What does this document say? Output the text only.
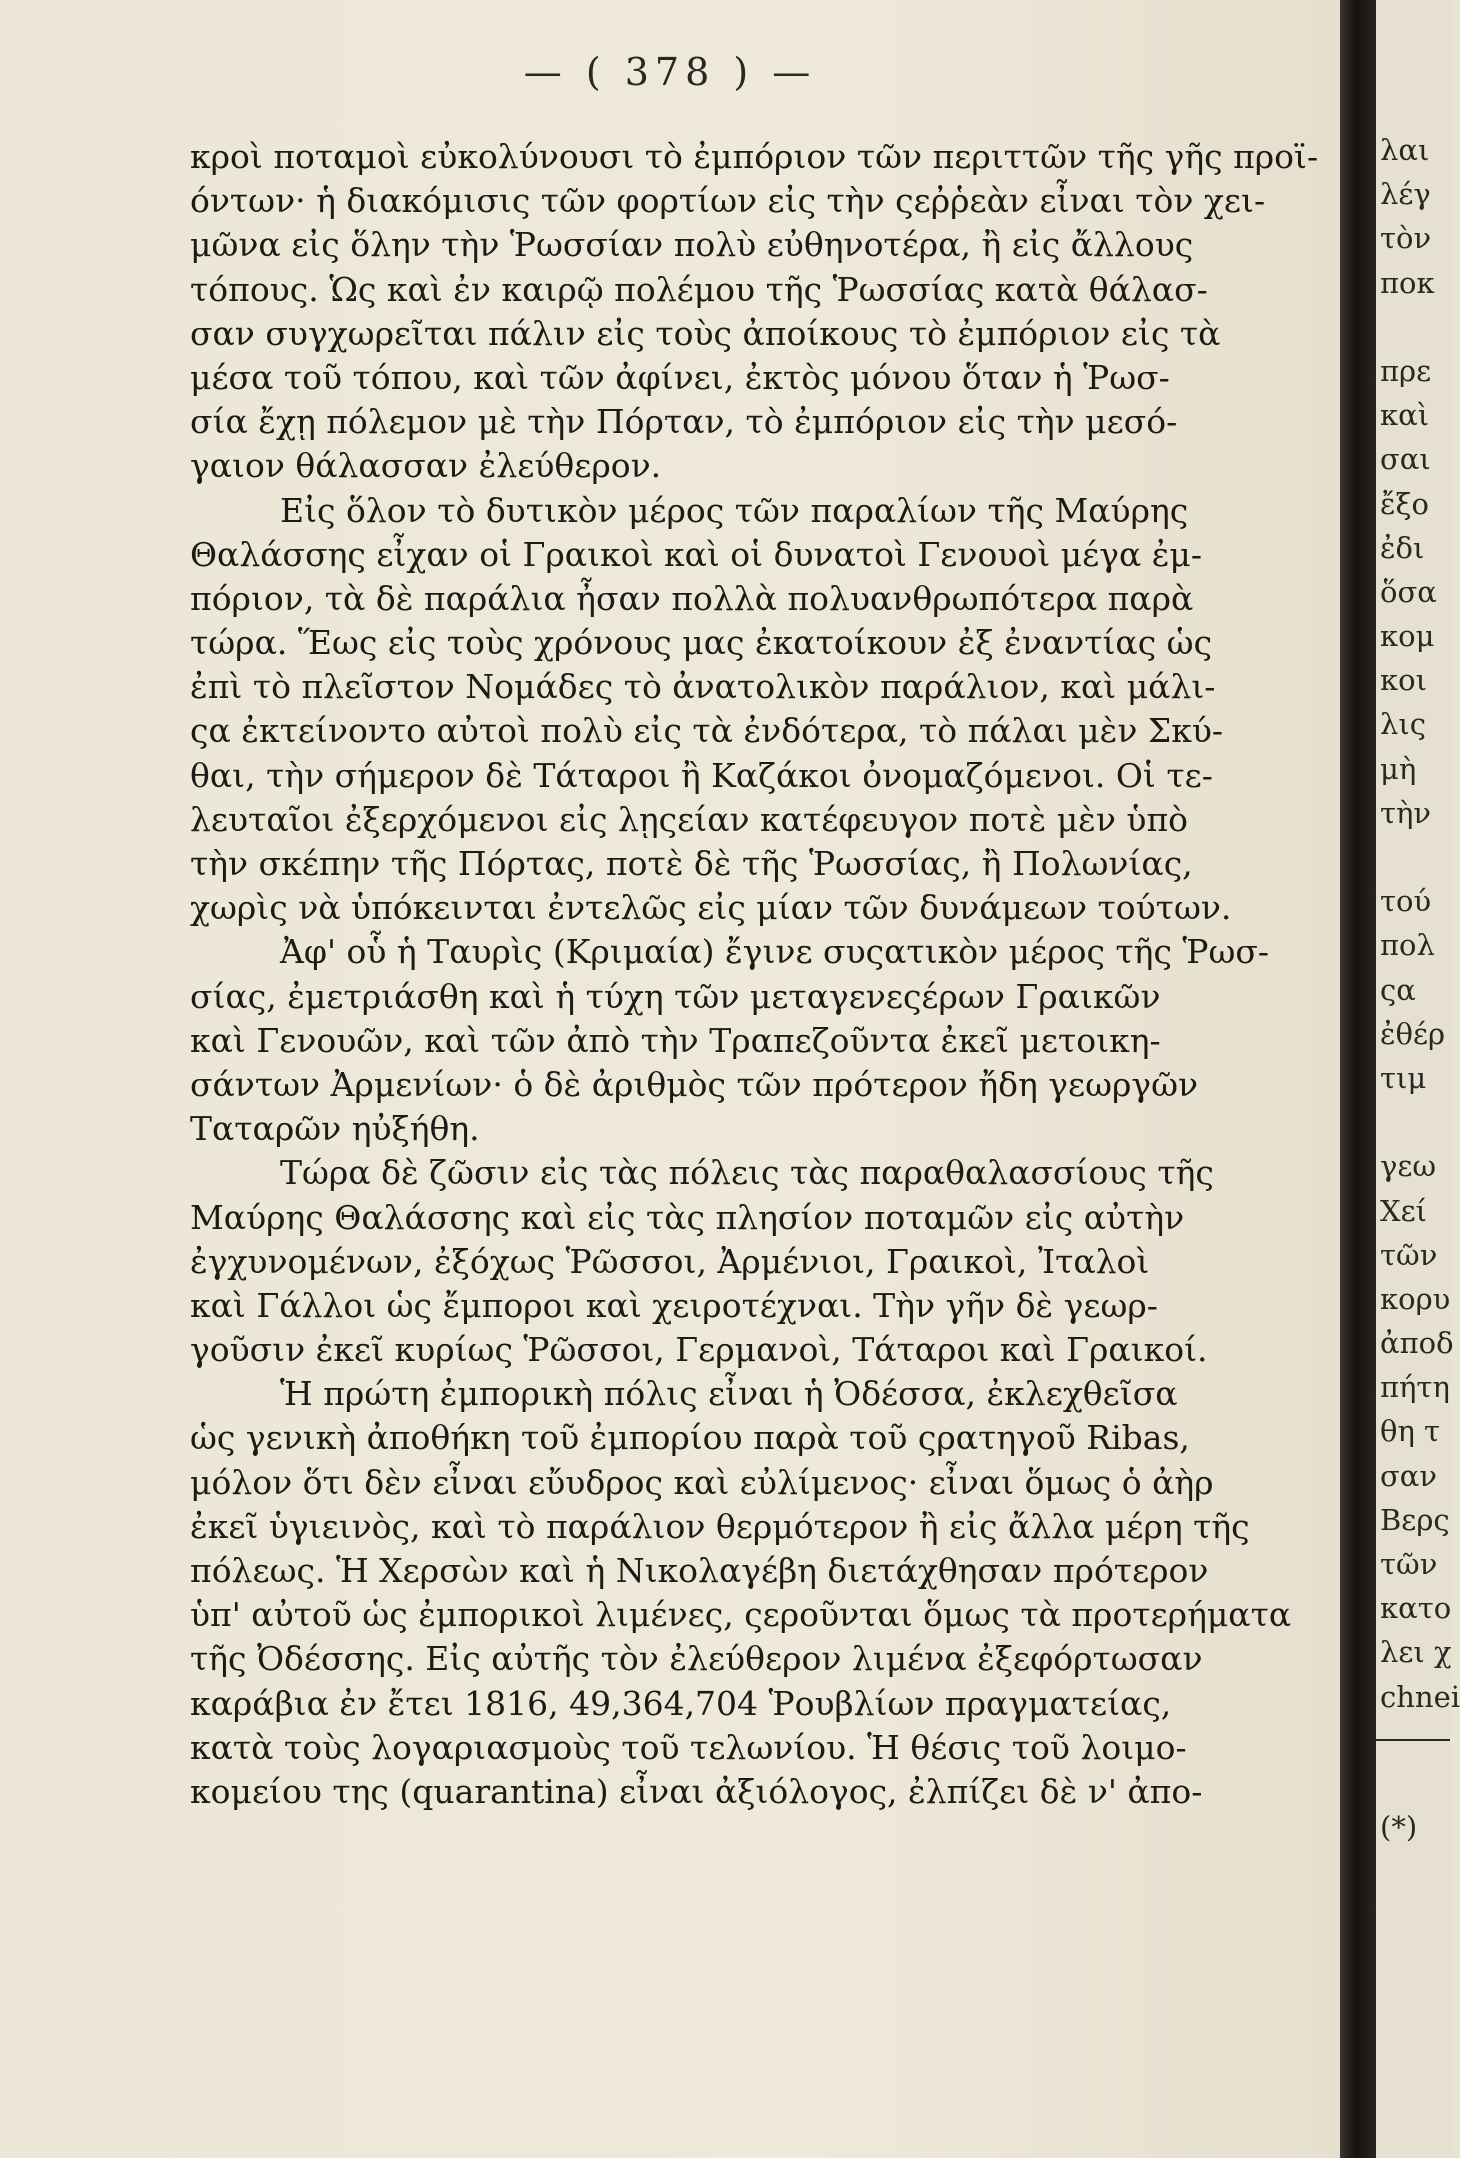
— ( 378 ) —
κροὶ ποταμοὶ εὐκολύνουσι τὸ ἐμπόριον τῶν περιττῶν τῆς γῆς προϊ-
όντων· ἡ διακόμισις τῶν φορτίων εἰς τὴν ςεῤῥεὰν εἶναι τὸν χει-
μῶνα εἰς ὅλην τὴν Ῥωσσίαν πολὺ εὐθηνοτέρα, ἢ εἰς ἄλλους
τόπους. Ὡς καὶ ἐν καιρῷ πολέμου τῆς Ῥωσσίας κατὰ θάλασ-
σαν συγχωρεῖται πάλιν εἰς τοὺς ἀποίκους τὸ ἐμπόριον εἰς τὰ
μέσα τοῦ τόπου, καὶ τῶν ἀφίνει, ἐκτὸς μόνου ὅταν ἡ Ῥωσ-
σία ἔχῃ πόλεμον μὲ τὴν Πόρταν, τὸ ἐμπόριον εἰς τὴν μεσό-
γαιον θάλασσαν ἐλεύθερον.
Εἰς ὅλον τὸ δυτικὸν μέρος τῶν παραλίων τῆς Μαύρης
Θαλάσσης εἶχαν οἱ Γραικοὶ καὶ οἱ δυνατοὶ Γενουοὶ μέγα ἐμ-
πόριον, τὰ δὲ παράλια ἦσαν πολλὰ πολυανθρωπότερα παρὰ
τώρα. Ἕως εἰς τοὺς χρόνους μας ἐκατοίκουν ἐξ ἐναντίας ὡς
ἐπὶ τὸ πλεῖστον Νομάδες τὸ ἀνατολικὸν παράλιον, καὶ μάλι-
ςα ἐκτείνοντο αὐτοὶ πολὺ εἰς τὰ ἐνδότερα, τὸ πάλαι μὲν Σκύ-
θαι, τὴν σήμερον δὲ Τάταροι ἢ Καζάκοι ὀνομαζόμενοι. Οἱ τε-
λευταῖοι ἐξερχόμενοι εἰς λῃςείαν κατέφευγον ποτὲ μὲν ὑπὸ
τὴν σκέπην τῆς Πόρτας, ποτὲ δὲ τῆς Ῥωσσίας, ἢ Πολωνίας,
χωρὶς νὰ ὑπόκεινται ἐντελῶς εἰς μίαν τῶν δυνάμεων τούτων.
Ἀφ' οὗ ἡ Ταυρὶς (Κριμαία) ἔγινε συςατικὸν μέρος τῆς Ῥωσ-
σίας, ἐμετριάσθη καὶ ἡ τύχη τῶν μεταγενεςέρων Γραικῶν
καὶ Γενουῶν, καὶ τῶν ἀπὸ τὴν Τραπεζοῦντα ἐκεῖ μετοικη-
σάντων Ἀρμενίων· ὁ δὲ ἀριθμὸς τῶν πρότερον ἤδη γεωργῶν
Ταταρῶν ηὐξήθη.
Τώρα δὲ ζῶσιν εἰς τὰς πόλεις τὰς παραθαλασσίους τῆς
Μαύρης Θαλάσσης καὶ εἰς τὰς πλησίον ποταμῶν εἰς αὐτὴν
ἐγχυνομένων, ἐξόχως Ῥῶσσοι, Ἀρμένιοι, Γραικοὶ, Ἰταλοὶ
καὶ Γάλλοι ὡς ἔμποροι καὶ χειροτέχναι. Τὴν γῆν δὲ γεωρ-
γοῦσιν ἐκεῖ κυρίως Ῥῶσσοι, Γερμανοὶ, Τάταροι καὶ Γραικοί.
Ἡ πρώτη ἐμπορικὴ πόλις εἶναι ἡ Ὀδέσσα, ἐκλεχθεῖσα
ὡς γενικὴ ἀποθήκη τοῦ ἐμπορίου παρὰ τοῦ ςρατηγοῦ Ribas,
μόλον ὅτι δὲν εἶναι εὔυδρος καὶ εὐλίμενος· εἶναι ὅμως ὁ ἀὴρ
ἐκεῖ ὑγιεινὸς, καὶ τὸ παράλιον θερμότερον ἢ εἰς ἄλλα μέρη τῆς
πόλεως. Ἡ Χερσὼν καὶ ἡ Νικολαγέβη διετάχθησαν πρότερον
ὑπ' αὐτοῦ ὡς ἐμπορικοὶ λιμένες, ςεροῦνται ὅμως τὰ προτερήματα
τῆς Ὀδέσσης. Εἰς αὐτῆς τὸν ἐλεύθερον λιμένα ἐξεφόρτωσαν
καράβια ἐν ἔτει 1816, 49,364,704 Ῥουβλίων πραγματείας,
κατὰ τοὺς λογαριασμοὺς τοῦ τελωνίου. Ἡ θέσις τοῦ λοιμο-
κομείου της (quarantina) εἶναι ἀξιόλογος, ἐλπίζει δὲ ν' ἀπο-
λαι
λέγ
τὸν
ποκ
πρε
καὶ
σαι
ἔξο
ἐδι
ὅσα
κομ
κοι
λις
μὴ
τὴν
τού
πολ
ςα
ἐθέρ
τιμ
γεω
Χεί
τῶν
κορυ
ἀποδ
πήτη
θη τ
σαν
Βερς
τῶν
κατο
λει χ
chnei
(*)
